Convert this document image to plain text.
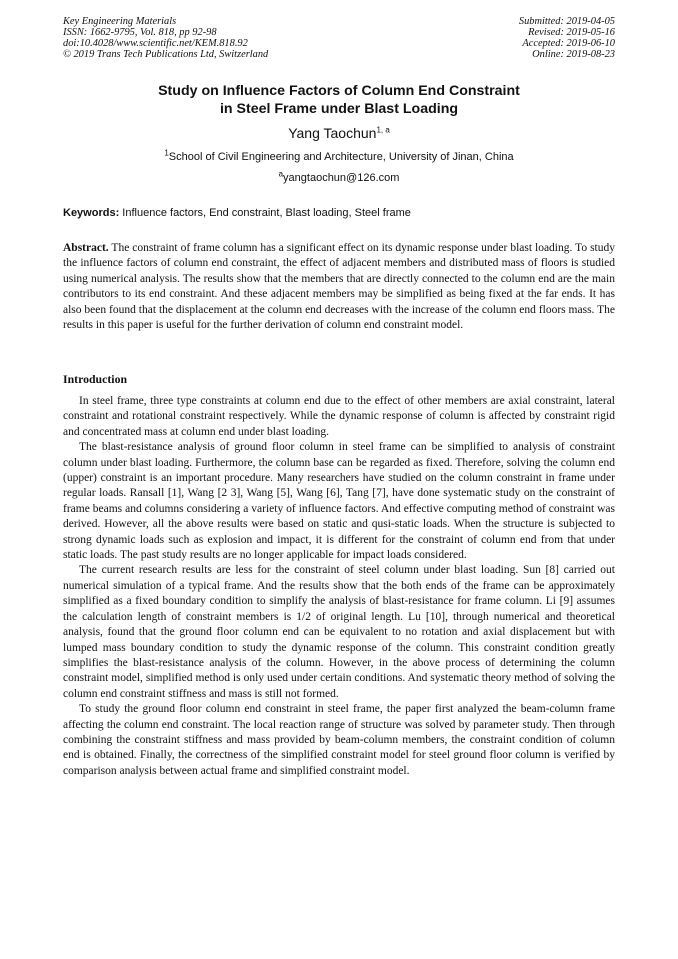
Key Engineering Materials
ISSN: 1662-9795, Vol. 818, pp 92-98
doi:10.4028/www.scientific.net/KEM.818.92
© 2019 Trans Tech Publications Ltd, Switzerland
Submitted: 2019-04-05
Revised: 2019-05-16
Accepted: 2019-06-10
Online: 2019-08-23
Study on Influence Factors of Column End Constraint
in Steel Frame under Blast Loading
Yang Taochun$^{1, a}$
$^1$School of Civil Engineering and Architecture, University of Jinan, China
$^a$yangtaochun@126.com
Keywords: Influence factors, End constraint, Blast loading, Steel frame
Abstract. The constraint of frame column has a significant effect on its dynamic response under blast loading. To study the influence factors of column end constraint, the effect of adjacent members and distributed mass of floors is studied using numerical analysis. The results show that the members that are directly connected to the column end are the main contributors to its end constraint. And these adjacent members may be simplified as being fixed at the far ends. It has also been found that the displacement at the column end decreases with the increase of the column end floors mass. The results in this paper is useful for the further derivation of column end constraint model.
Introduction

In steel frame, three type constraints at column end due to the effect of other members are axial constraint, lateral constraint and rotational constraint respectively. While the dynamic response of column is affected by constraint rigid and concentrated mass at column end under blast loading.

The blast-resistance analysis of ground floor column in steel frame can be simplified to analysis of constraint column under blast loading. Furthermore, the column base can be regarded as fixed. Therefore, solving the column end (upper) constraint is an important procedure. Many researchers have studied on the column constraint in frame under regular loads. Ransall [1], Wang [2 3], Wang [5], Wang [6], Tang [7], have done systematic study on the constraint of frame beams and columns considering a variety of influence factors. And effective computing method of constraint was derived. However, all the above results were based on static and qusi-static loads. When the structure is subjected to strong dynamic loads such as explosion and impact, it is different for the constraint of column end from that under static loads. The past study results are no longer applicable for impact loads considered.

The current research results are less for the constraint of steel column under blast loading. Sun [8] carried out numerical simulation of a typical frame. And the results show that the both ends of the frame can be approximately simplified as a fixed boundary condition to simplify the analysis of blast-resistance for frame column. Li [9] assumes the calculation length of constraint members is 1/2 of original length. Lu [10], through numerical and theoretical analysis, found that the ground floor column end can be equivalent to no rotation and axial displacement but with lumped mass boundary condition to study the dynamic response of the column. This constraint condition greatly simplifies the blast-resistance analysis of the column. However, in the above process of determining the column constraint model, simplified method is only used under certain conditions. And systematic theory method of solving the column end constraint stiffness and mass is still not formed.

To study the ground floor column end constraint in steel frame, the paper first analyzed the beam-column frame affecting the column end constraint. The local reaction range of structure was solved by parameter study. Then through combining the constraint stiffness and mass provided by beam-column members, the constraint condition of column end is obtained. Finally, the correctness of the simplified constraint model for steel ground floor column is verified by comparison analysis between actual frame and simplified constraint model.
